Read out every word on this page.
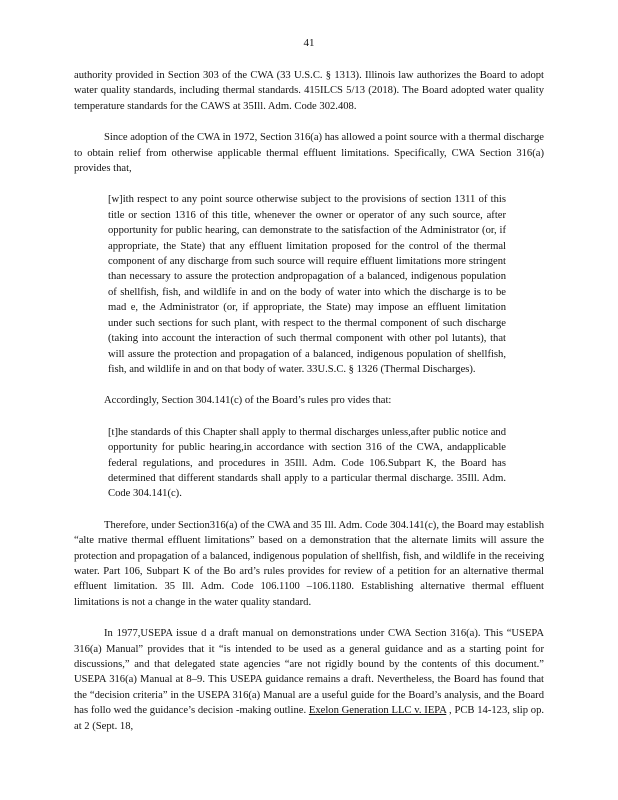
41

authority provided in Section 303 of the CWA (33 U.S.C. § 1313). Illinois law authorizes the Board to adopt water quality standards, including thermal standards. 415ILCS 5/13 (2018). The Board adopted water quality temperature standards for the CAWS at 35Ill. Adm. Code 302.408.

Since adoption of the CWA in 1972, Section 316(a) has allowed a point source with a thermal discharge to obtain relief from otherwise applicable thermal effluent limitations. Specifically, CWA Section 316(a) provides that,

[w]ith respect to any point source otherwise subject to the provisions of section 1311 of this title or section 1316 of this title, whenever the owner or operator of any such source, after opportunity for public hearing, can demonstrate to the satisfaction of the Administrator (or, if appropriate, the State) that any effluent limitation proposed for the control of the thermal component of any discharge from such source will require effluent limitations more stringent than necessary to assure the protection andpropagation of a balanced, indigenous population of shellfish, fish, and wildlife in and on the body of water into which the discharge is to be mad e, the Administrator (or, if appropriate, the State) may impose an effluent limitation under such sections for such plant, with respect to the thermal component of such discharge (taking into account the interaction of such thermal component with other pol lutants), that will assure the protection and propagation of a balanced, indigenous population of shellfish, fish, and wildlife in and on that body of water. 33U.S.C. § 1326 (Thermal Discharges).

Accordingly, Section 304.141(c) of the Board’s rules pro vides that:

[t]he standards of this Chapter shall apply to thermal discharges unless,after public notice and opportunity for public hearing,in accordance with section 316 of the CWA, andapplicable federal regulations, and procedures in 35Ill. Adm. Code 106.Subpart K, the Board has determined that different standards shall apply to a particular thermal discharge. 35Ill. Adm. Code 304.141(c).

Therefore, under Section316(a) of the CWA and 35 Ill. Adm. Code 304.141(c), the Board may establish “alte rnative thermal effluent limitations” based on a demonstration that the alternate limits will assure the protection and propagation of a balanced, indigenous population of shellfish, fish, and wildlife in the receiving water. Part 106, Subpart K of the Bo ard’s rules provides for review of a petition for an alternative thermal effluent limitation. 35 Ill. Adm. Code 106.1100 –106.1180. Establishing alternative thermal effluent limitations is not a change in the water quality standard.

In 1977,USEPA issue d a draft manual on demonstrations under CWA Section 316(a). This “USEPA 316(a) Manual” provides that it “is intended to be used as a general guidance and as a starting point for discussions,” and that delegated state agencies “are not rigidly bound by the contents of this document.” USEPA 316(a) Manual at 8–9. This USEPA guidance remains a draft. Nevertheless, the Board has found that the “decision criteria” in the USEPA 316(a) Manual are a useful guide for the Board’s analysis, and the Board has follo wed the guidance’s decision -making outline. Exelon Generation LLC v. IEPA , PCB 14-123, slip op. at 2 (Sept. 18,
